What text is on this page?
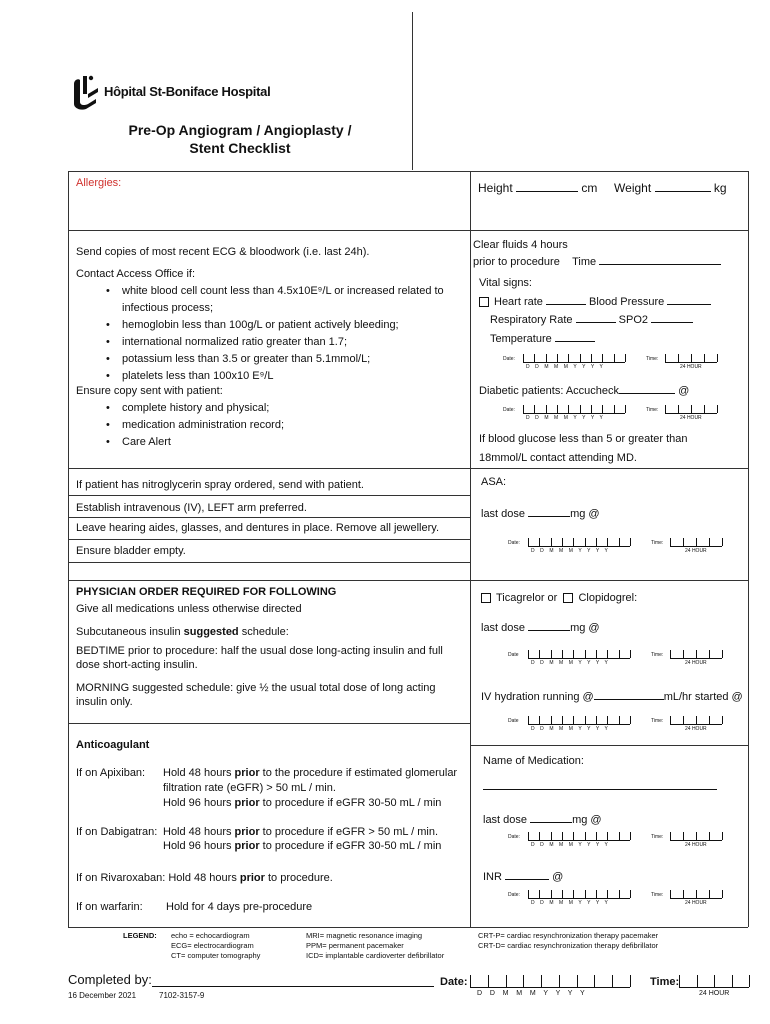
Hôpital St-Boniface Hospital
Pre-Op Angiogram / Angioplasty /
Stent Checklist
Allergies:	Height	cm Weight	kg
Send copies of most recent ECG & bloodwork (i.e. last 24h).
Contact Access Office if:
• white blood cell count less than 4.5x10E⁹/L or increased related to
infectious process;
• hemoglobin less than 100g/L or patient actively bleeding;
• international normalized ratio greater than 1.7;
• potassium less than 3.5 or greater than 5.1mmol/L;
• platelets less than 100x10 E⁹/L
Ensure copy sent with patient:
• complete history and physical;
• medication administration record;
• Care Alert
If patient has nitroglycerin spray ordered, send with patient.
Establish intravenous (IV), LEFT arm preferred.
Leave hearing aides, glasses, and dentures in place. Remove all jewellery.
Ensure bladder empty.
PHYSICIAN ORDER REQUIRED FOR FOLLOWING
Give all medications unless otherwise directed
Subcutaneous insulin suggested schedule:
BEDTIME prior to procedure: half the usual dose long-acting insulin and full
dose short-acting insulin.
MORNING suggested schedule: give ½ the usual total dose of long acting
insulin only.
Anticoagulant
If on Apixiban: Hold 48 hours prior to the procedure if estimated glomerular
filtration rate (eGFR) > 50 mL / min.
Hold 96 hours prior to procedure if eGFR 30-50 mL / min
If on Dabigatran: Hold 48 hours prior to procedure if eGFR > 50 mL / min.
Hold 96 hours prior to procedure if eGFR 30-50 mL / min
If on Rivaroxaban: Hold 48 hours prior to procedure.
If on warfarin: Hold for 4 days pre-procedure
Clear fluids 4 hours
prior to procedure Time
Vital signs:
Heart rate	Blood Pressure
Respiratory Rate	SPO2
Temperature
Diabetic patients: Accucheck	@
If blood glucose less than 5 or greater than
18mmol/L contact attending MD.
ASA:
last dose	mg @
Ticagrelor or Clopidogrel:
last dose	mg @
IV hydration running @	mL/hr started @
Name of Medication:
last dose	mg @
INR	@
Date:
D    D    M    M    M    Y    Y    Y    Y
Time:
24 HOUR
Date:
D    D    M    M    M    Y    Y    Y    Y
Time:
24 HOUR
Date:
D    D    M    M    M    Y    Y    Y    Y
Time:
24 HOUR
Date
D    D    M    M    M    Y    Y    Y    Y
Time:
24 HOUR
Date
D    D    M    M    M    Y    Y    Y    Y
Time:
24 HOUR
Date:
D    D    M    M    M    Y    Y    Y    Y
Time:
24 HOUR
Date:
D    D    M    M    M    Y    Y    Y    Y
Time:
24 HOUR
LEGEND: echo = echocardiogram
ECG= electrocardiogram
CT= computer tomography
MRI= magnetic resonance imaging
PPM= permanent pacemaker
ICD= implantable cardioverter defibrillator
CRT-P= cardiac resynchronization therapy pacemaker
CRT-D= cardiac resynchronization therapy defibrillator
Completed by:	Date:	Time:
D    D    M    M    M    Y    Y    Y    Y	24 HOUR
16 December 2021	7102-3157-9
